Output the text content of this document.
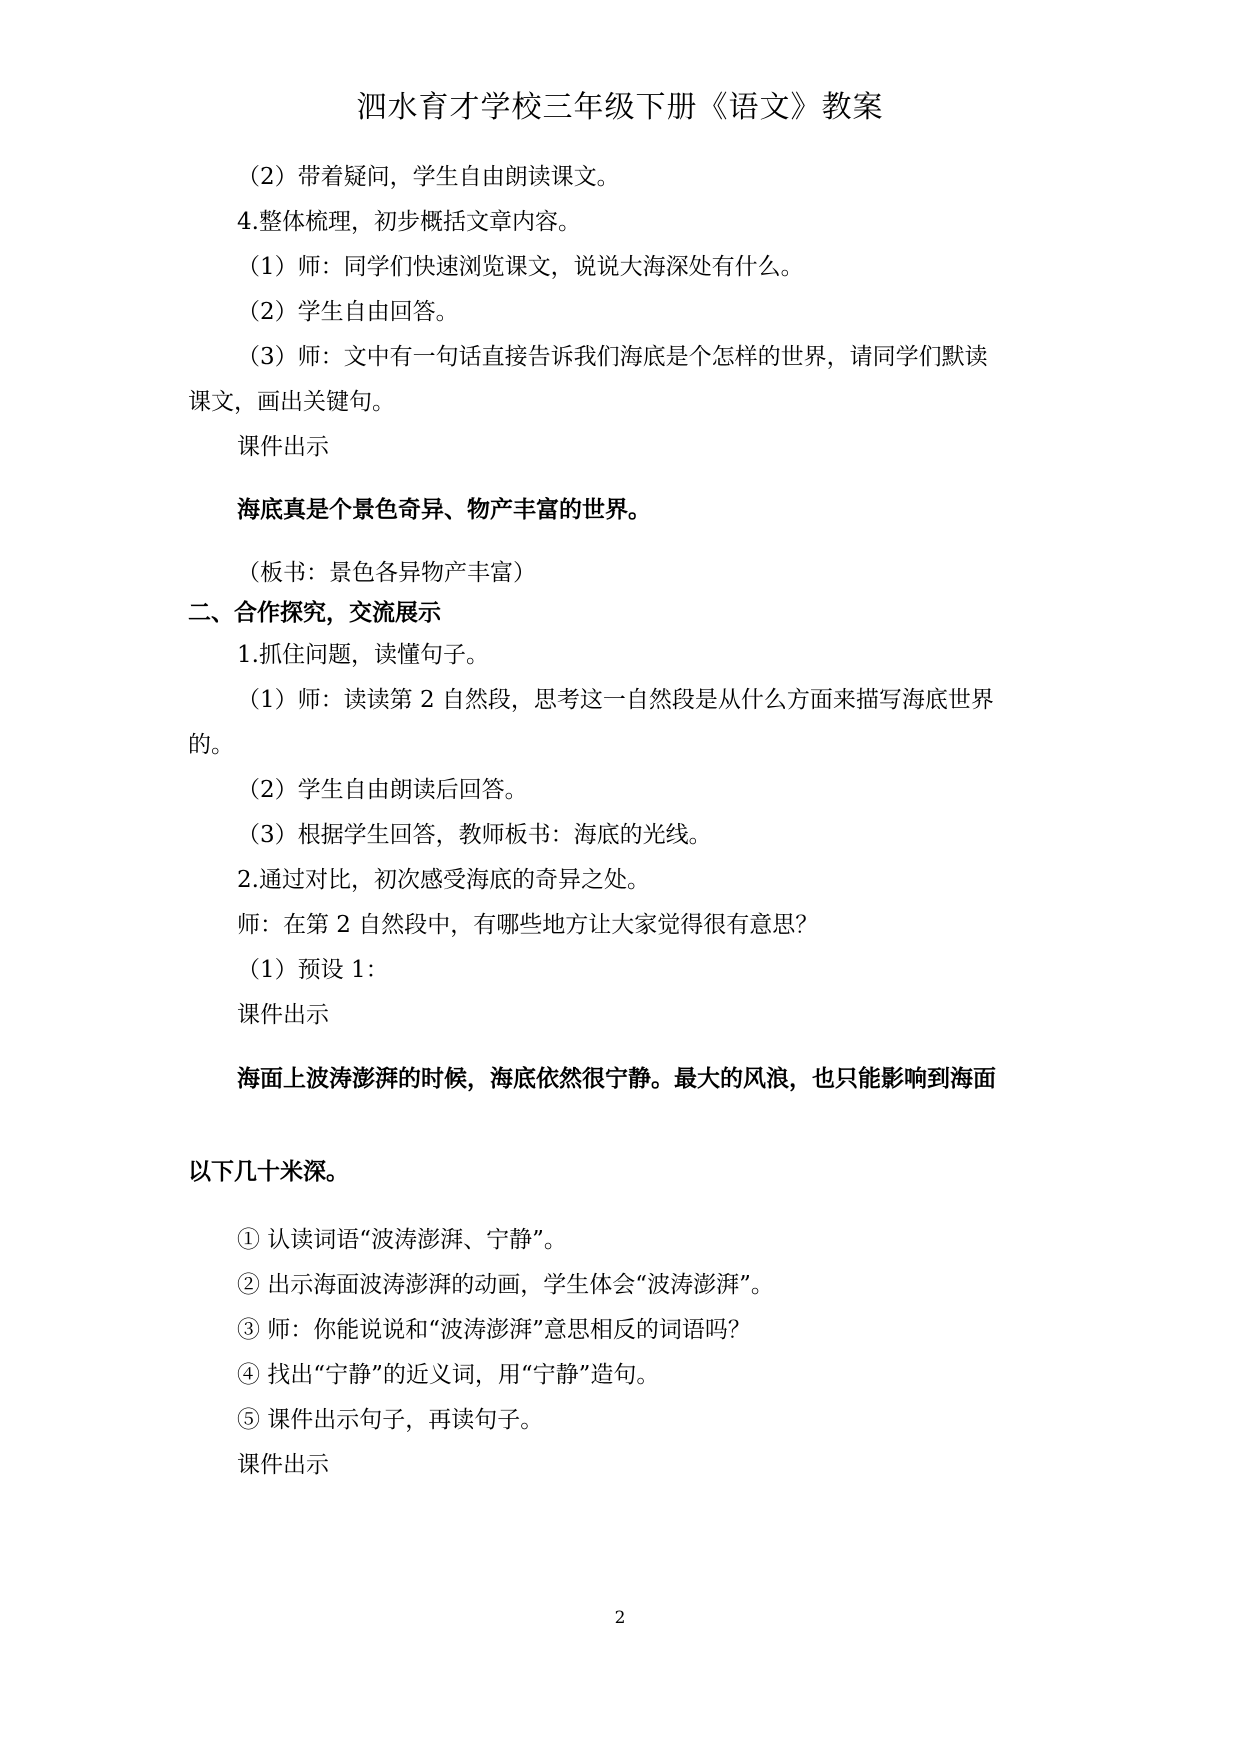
泗水育才学校三年级下册《语文》教案
（2）带着疑问，学生自由朗读课文。
4.整体梳理，初步概括文章内容。
（1）师：同学们快速浏览课文，说说大海深处有什么。
（2）学生自由回答。
（3）师：文中有一句话直接告诉我们海底是个怎样的世界，请同学们默读
课文，画出关键句。
课件出示
海底真是个景色奇异、物产丰富的世界。
（板书：景色各异物产丰富）
二、合作探究，交流展示
1.抓住问题，读懂句子。
（1）师：读读第 2 自然段，思考这一自然段是从什么方面来描写海底世界
的。
（2）学生自由朗读后回答。
（3）根据学生回答，教师板书：海底的光线。
2.通过对比，初次感受海底的奇异之处。
师：在第 2 自然段中，有哪些地方让大家觉得很有意思？
（1）预设 1：
课件出示
海面上波涛澎湃的时候，海底依然很宁静。最大的风浪，也只能影响到海面
以下几十米深。
① 认读词语“波涛澎湃、宁静”。
② 出示海面波涛澎湃的动画，学生体会“波涛澎湃”。
③ 师：你能说说和“波涛澎湃”意思相反的词语吗？
④ 找出“宁静”的近义词，用“宁静”造句。
⑤ 课件出示句子，再读句子。
课件出示
2
